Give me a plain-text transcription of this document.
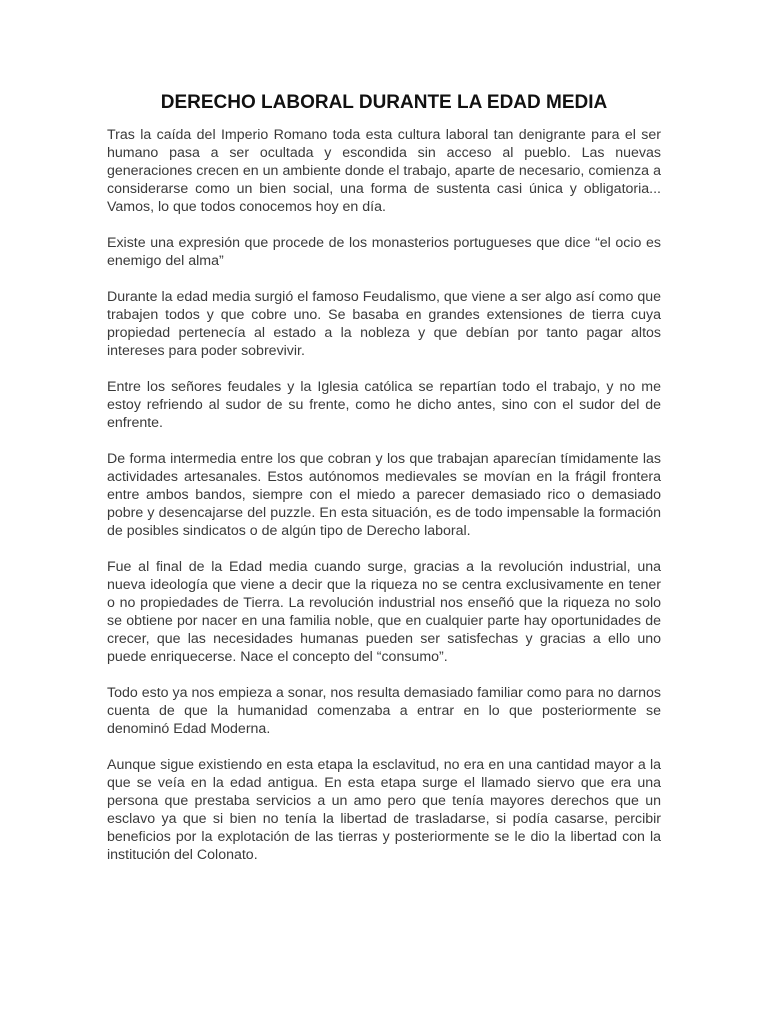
DERECHO LABORAL DURANTE LA EDAD MEDIA

Tras la caída del Imperio Romano toda esta cultura laboral tan denigrante para el ser humano pasa a ser ocultada y escondida sin acceso al pueblo. Las nuevas generaciones crecen en un ambiente donde el trabajo, aparte de necesario, comienza a considerarse como un bien social, una forma de sustenta casi única y obligatoria... Vamos, lo que todos conocemos hoy en día.

Existe una expresión que procede de los monasterios portugueses que dice “el ocio es enemigo del alma”

Durante la edad media surgió el famoso Feudalismo, que viene a ser algo así como que trabajen todos y que cobre uno. Se basaba en grandes extensiones de tierra cuya propiedad pertenecía al estado a la nobleza y que debían por tanto pagar altos intereses para poder sobrevivir.

Entre los señores feudales y la Iglesia católica se repartían todo el trabajo, y no me estoy refriendo al sudor de su frente, como he dicho antes, sino con el sudor del de enfrente.

De forma intermedia entre los que cobran y los que trabajan aparecían tímidamente las actividades artesanales. Estos autónomos medievales se movían en la frágil frontera entre ambos bandos, siempre con el miedo a parecer demasiado rico o demasiado pobre y desencajarse del puzzle. En esta situación, es de todo impensable la formación de posibles sindicatos o de algún tipo de Derecho laboral.

Fue al final de la Edad media cuando surge, gracias a la revolución industrial, una nueva ideología que viene a decir que la riqueza no se centra exclusivamente en tener o no propiedades de Tierra. La revolución industrial nos enseñó que la riqueza no solo se obtiene por nacer en una familia noble, que en cualquier parte hay oportunidades de crecer, que las necesidades humanas pueden ser satisfechas y gracias a ello uno puede enriquecerse. Nace el concepto del “consumo”.

Todo esto ya nos empieza a sonar, nos resulta demasiado familiar como para no darnos cuenta de que la humanidad comenzaba a entrar en lo que posteriormente se denominó Edad Moderna.

Aunque sigue existiendo en esta etapa la esclavitud, no era en una cantidad mayor a la que se veía en la edad antigua. En esta etapa surge el llamado siervo que era una persona que prestaba servicios a un amo pero que tenía mayores derechos que un esclavo ya que si bien no tenía la libertad de trasladarse, si podía casarse, percibir beneficios por la explotación de las tierras y posteriormente se le dio la libertad con la institución del Colonato.
